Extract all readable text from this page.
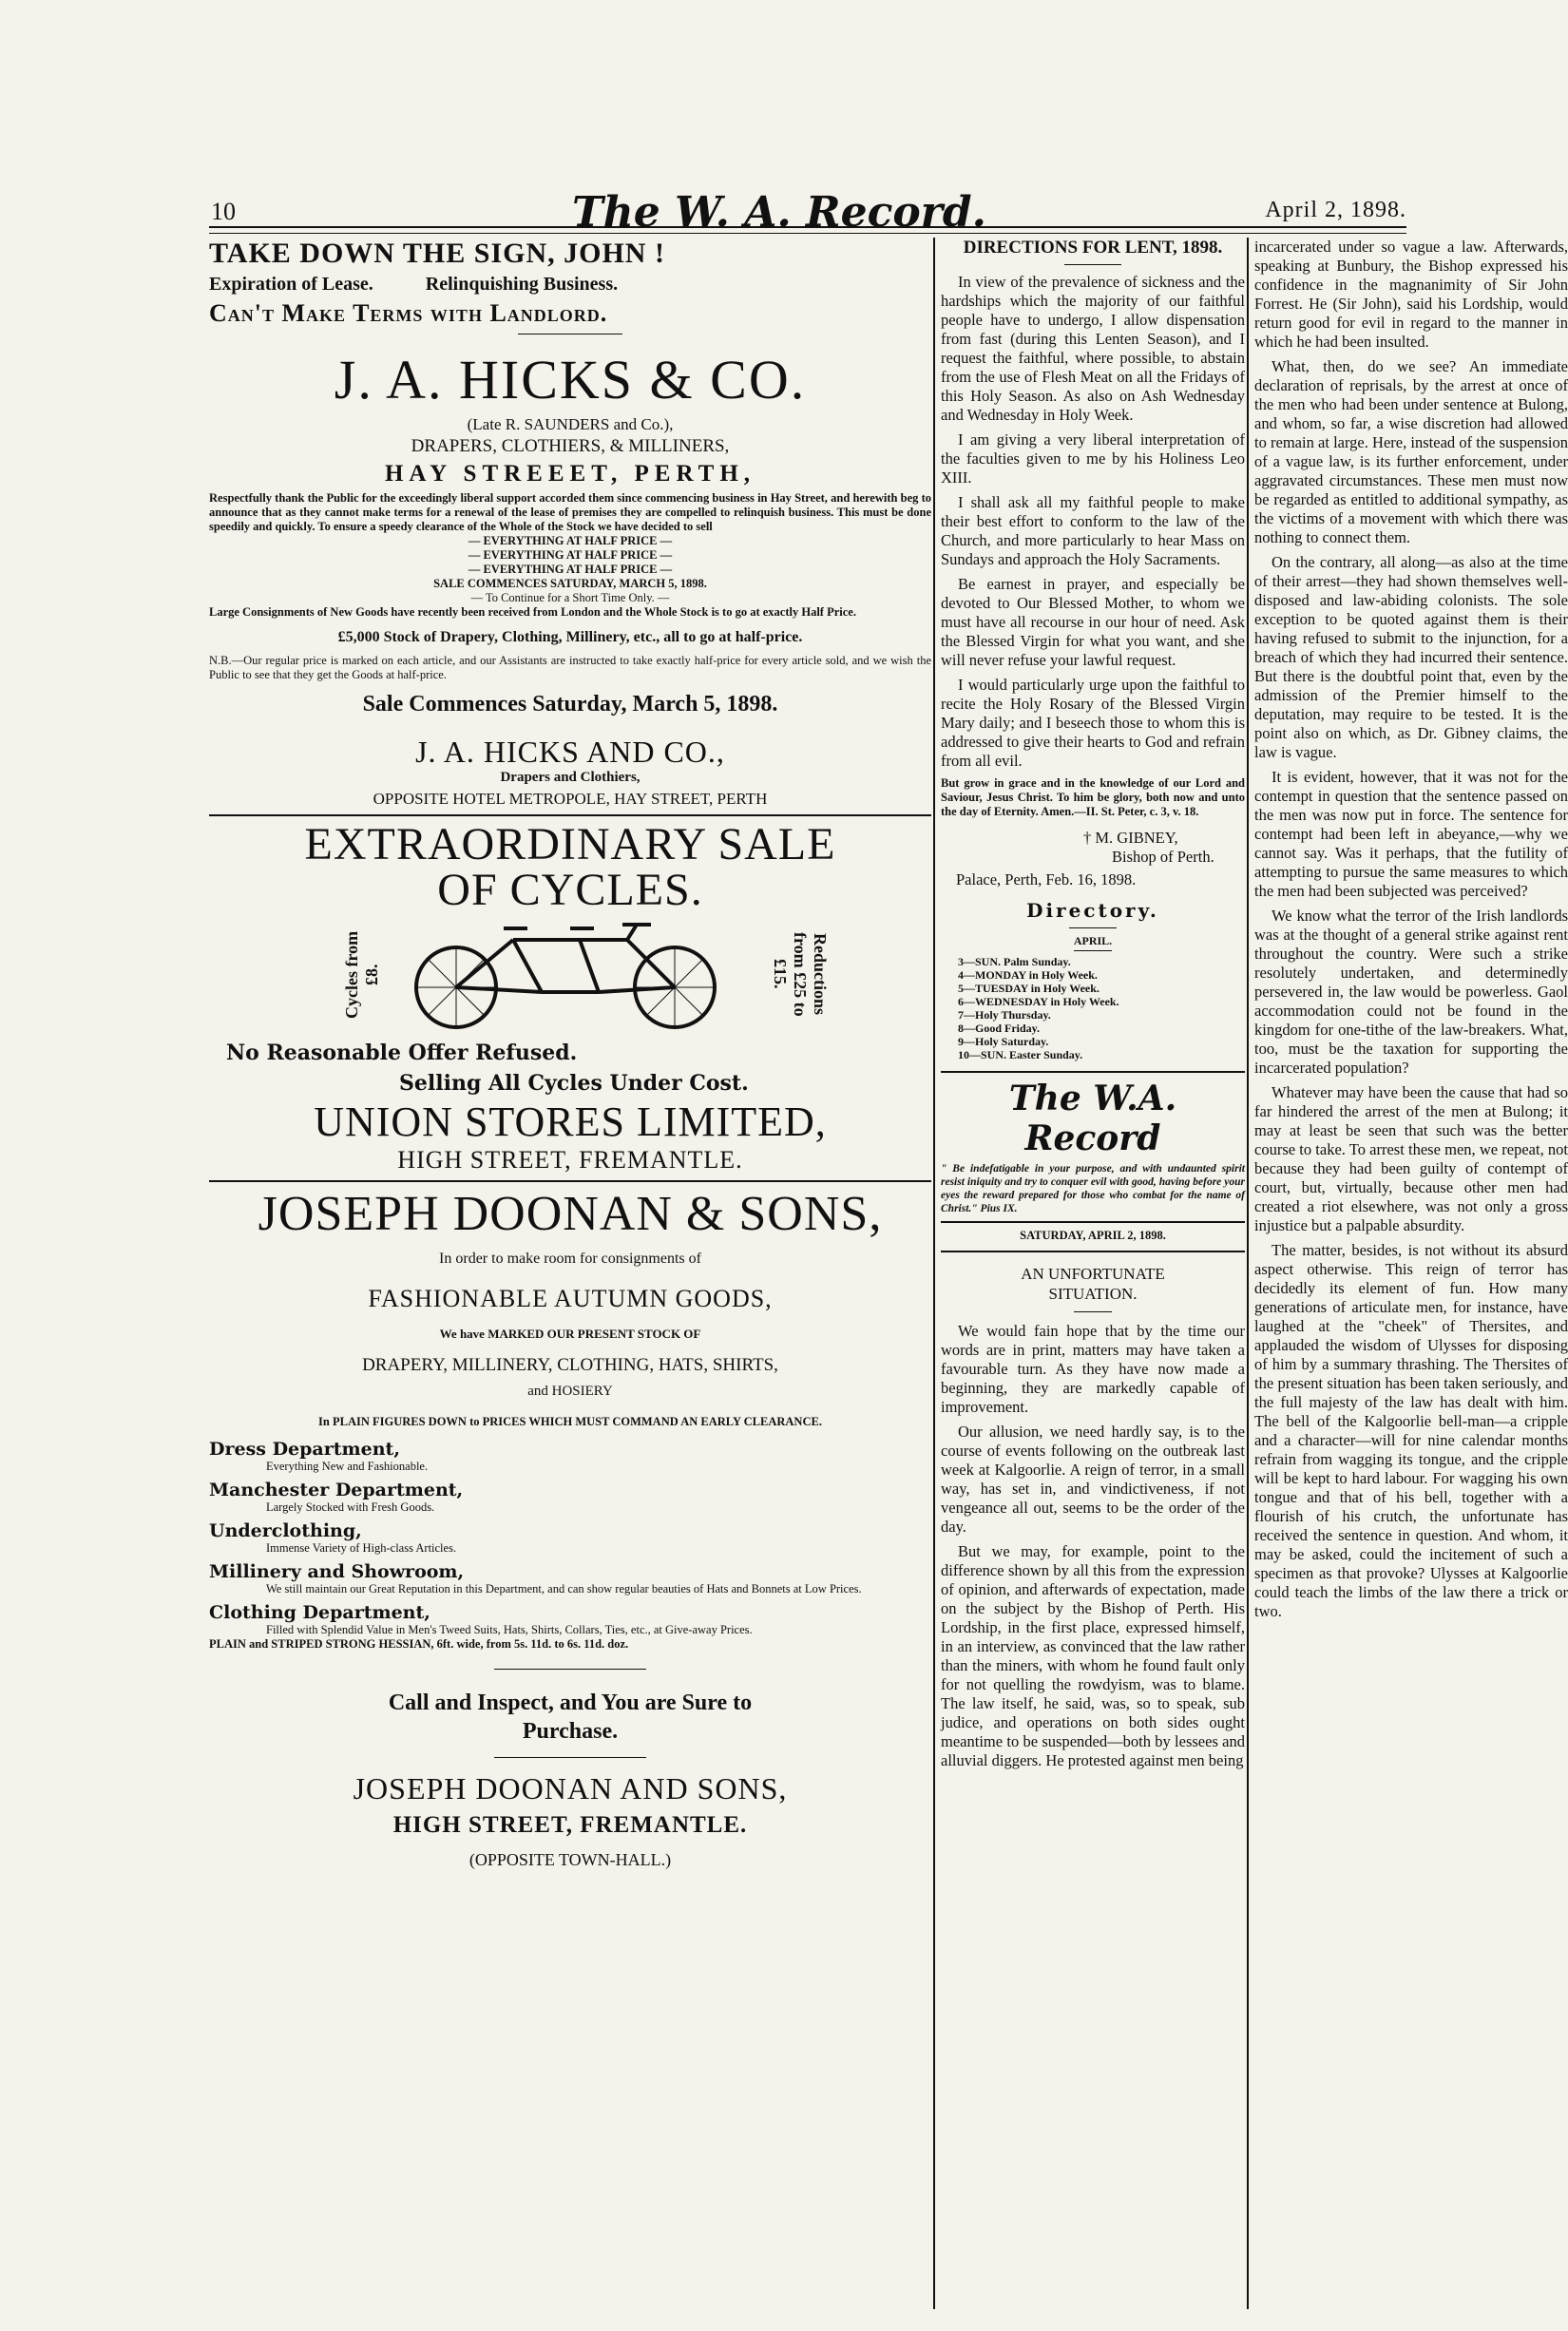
10	The W. A. Record.	April 2, 1898.

TAKE DOWN THE SIGN, JOHN !

Expiration of Lease.	Relinquishing Business.

Can't Make Terms with Landlord.

J. A. HICKS & CO.

(Late R. SAUNDERS and Co.),

DRAPERS, CLOTHIERS, & MILLINERS,

HAY STREEET, PERTH,

Respectfully thank the Public for the exceedingly liberal support accorded them since commencing business in Hay Street, and herewith beg to announce that as they cannot make terms for a renewal of the lease of premises they are compelled to relinquish business. This must be done speedily and quickly. To ensure a speedy clearance of the Whole of the Stock we have decided to sell

— EVERYTHING AT HALF PRICE —

— EVERYTHING AT HALF PRICE —

— EVERYTHING AT HALF PRICE —

SALE COMMENCES SATURDAY, MARCH 5, 1898.

— To Continue for a Short Time Only. —

Large Consignments of New Goods have recently been received from London and the Whole Stock is to go at exactly Half Price.

£5,000 Stock of Drapery, Clothing, Millinery, etc., all to go at half-price.

N.B.—Our regular price is marked on each article, and our Assistants are instructed to take exactly half-price for every article sold, and we wish the Public to see that they get the Goods at half-price.

Sale Commences Saturday, March 5, 1898.

J. A. HICKS AND CO.,

Drapers and Clothiers,

OPPOSITE HOTEL METROPOLE, HAY STREET, PERTH

EXTRAORDINARY SALE

OF CYCLES.

Cycles from £8.	Reductions from £25 to £15.

No Reasonable Offer Refused.

Selling All Cycles Under Cost.

UNION STORES LIMITED,

HIGH STREET, FREMANTLE.

JOSEPH DOONAN & SONS,

In order to make room for consignments of

FASHIONABLE AUTUMN GOODS,

We have MARKED OUR PRESENT STOCK OF

DRAPERY, MILLINERY, CLOTHING, HATS, SHIRTS,

and HOSIERY

In PLAIN FIGURES DOWN to PRICES WHICH MUST COMMAND AN EARLY CLEARANCE.

Dress Department,

Everything New and Fashionable.

Manchester Department,

Largely Stocked with Fresh Goods.

Underclothing,

Immense Variety of High-class Articles.

Millinery and Showroom,

We still maintain our Great Reputation in this Department, and can show regular beauties of Hats and Bonnets at Low Prices.

Clothing Department,

Filled with Splendid Value in Men's Tweed Suits, Hats, Shirts, Collars, Ties, etc., at Give-away Prices.

PLAIN and STRIPED STRONG HESSIAN, 6ft. wide, from 5s. 11d. to 6s. 11d. doz.

Call and Inspect, and You are Sure to Purchase.

JOSEPH DOONAN AND SONS,

HIGH STREET, FREMANTLE.

(OPPOSITE TOWN-HALL.)

DIRECTIONS FOR LENT, 1898.

In view of the prevalence of sickness and the hardships which the majority of our faithful people have to undergo, I allow dispensation from fast (during this Lenten Season), and I request the faithful, where possible, to abstain from the use of Flesh Meat on all the Fridays of this Holy Season. As also on Ash Wednesday and Wednesday in Holy Week.

I am giving a very liberal interpretation of the faculties given to me by his Holiness Leo XIII.

I shall ask all my faithful people to make their best effort to conform to the law of the Church, and more particularly to hear Mass on Sundays and approach the Holy Sacraments.

Be earnest in prayer, and especially be devoted to Our Blessed Mother, to whom we must have all recourse in our hour of need. Ask the Blessed Virgin for what you want, and she will never refuse your lawful request.

I would particularly urge upon the faithful to recite the Holy Rosary of the Blessed Virgin Mary daily; and I beseech those to whom this is addressed to give their hearts to God and refrain from all evil.

But grow in grace and in the knowledge of our Lord and Saviour, Jesus Christ. To him be glory, both now and unto the day of Eternity. Amen.—II. St. Peter, c. 3, v. 18.

† M. GIBNEY,

Bishop of Perth.

Palace, Perth, Feb. 16, 1898.

Directory.

APRIL.

3—SUN. Palm Sunday.

4—MONDAY in Holy Week.

5—TUESDAY in Holy Week.

6—WEDNESDAY in Holy Week.

7—Holy Thursday.

8—Good Friday.

9—Holy Saturday.

10—SUN. Easter Sunday.

The W.A. Record

" Be indefatigable in your purpose, and with undaunted spirit resist iniquity and try to conquer evil with good, having before your eyes the reward prepared for those who combat for the name of Christ." Pius IX.

SATURDAY, APRIL 2, 1898.

AN UNFORTUNATE SITUATION.

We would fain hope that by the time our words are in print, matters may have taken a favourable turn. As they have now made a beginning, they are markedly capable of improvement.

Our allusion, we need hardly say, is to the course of events following on the outbreak last week at Kalgoorlie. A reign of terror, in a small way, has set in, and vindictiveness, if not vengeance all out, seems to be the order of the day.

But we may, for example, point to the difference shown by all this from the expression of opinion, and afterwards of expectation, made on the subject by the Bishop of Perth. His Lordship, in the first place, expressed himself, in an interview, as convinced that the law rather than the miners, with whom he found fault only for not quelling the rowdyism, was to blame. The law itself, he said, was, so to speak, sub judice, and operations on both sides ought meantime to be suspended—both by lessees and alluvial diggers. He protested against men being

incarcerated under so vague a law. Afterwards, speaking at Bunbury, the Bishop expressed his confidence in the magnanimity of Sir John Forrest. He (Sir John), said his Lordship, would return good for evil in regard to the manner in which he had been insulted.

What, then, do we see? An immediate declaration of reprisals, by the arrest at once of the men who had been under sentence at Bulong, and whom, so far, a wise discretion had allowed to remain at large. Here, instead of the suspension of a vague law, is its further enforcement, under aggravated circumstances. These men must now be regarded as entitled to additional sympathy, as the victims of a movement with which there was nothing to connect them.

On the contrary, all along—as also at the time of their arrest—they had shown themselves well-disposed and law-abiding colonists. The sole exception to be quoted against them is their having refused to submit to the injunction, for a breach of which they had incurred their sentence. But there is the doubtful point that, even by the admission of the Premier himself to the deputation, may require to be tested. It is the point also on which, as Dr. Gibney claims, the law is vague.

It is evident, however, that it was not for the contempt in question that the sentence passed on the men was now put in force. The sentence for contempt had been left in abeyance,—why we cannot say. Was it perhaps, that the futility of attempting to pursue the same measures to which the men had been subjected was perceived?

We know what the terror of the Irish landlords was at the thought of a general strike against rent throughout the country. Were such a strike resolutely undertaken, and determinedly persevered in, the law would be powerless. Gaol accommodation could not be found in the kingdom for one-tithe of the law-breakers. What, too, must be the taxation for supporting the incarcerated population?

Whatever may have been the cause that had so far hindered the arrest of the men at Bulong; it may at least be seen that such was the better course to take. To arrest these men, we repeat, not because they had been guilty of contempt of court, but, virtually, because other men had created a riot elsewhere, was not only a gross injustice but a palpable absurdity.

The matter, besides, is not without its absurd aspect otherwise. This reign of terror has decidedly its element of fun. How many generations of articulate men, for instance, have laughed at the "cheek" of Thersites, and applauded the wisdom of Ulysses for disposing of him by a summary thrashing. The Thersites of the present situation has been taken seriously, and the full majesty of the law has dealt with him. The bell of the Kalgoorlie bell-man—a cripple and a character—will for nine calendar months refrain from wagging its tongue, and the cripple will be kept to hard labour. For wagging his own tongue and that of his bell, together with a flourish of his crutch, the unfortunate has received the sentence in question. And whom, it may be asked, could the incitement of such a specimen as that provoke? Ulysses at Kalgoorlie could teach the limbs of the law there a trick or two.
